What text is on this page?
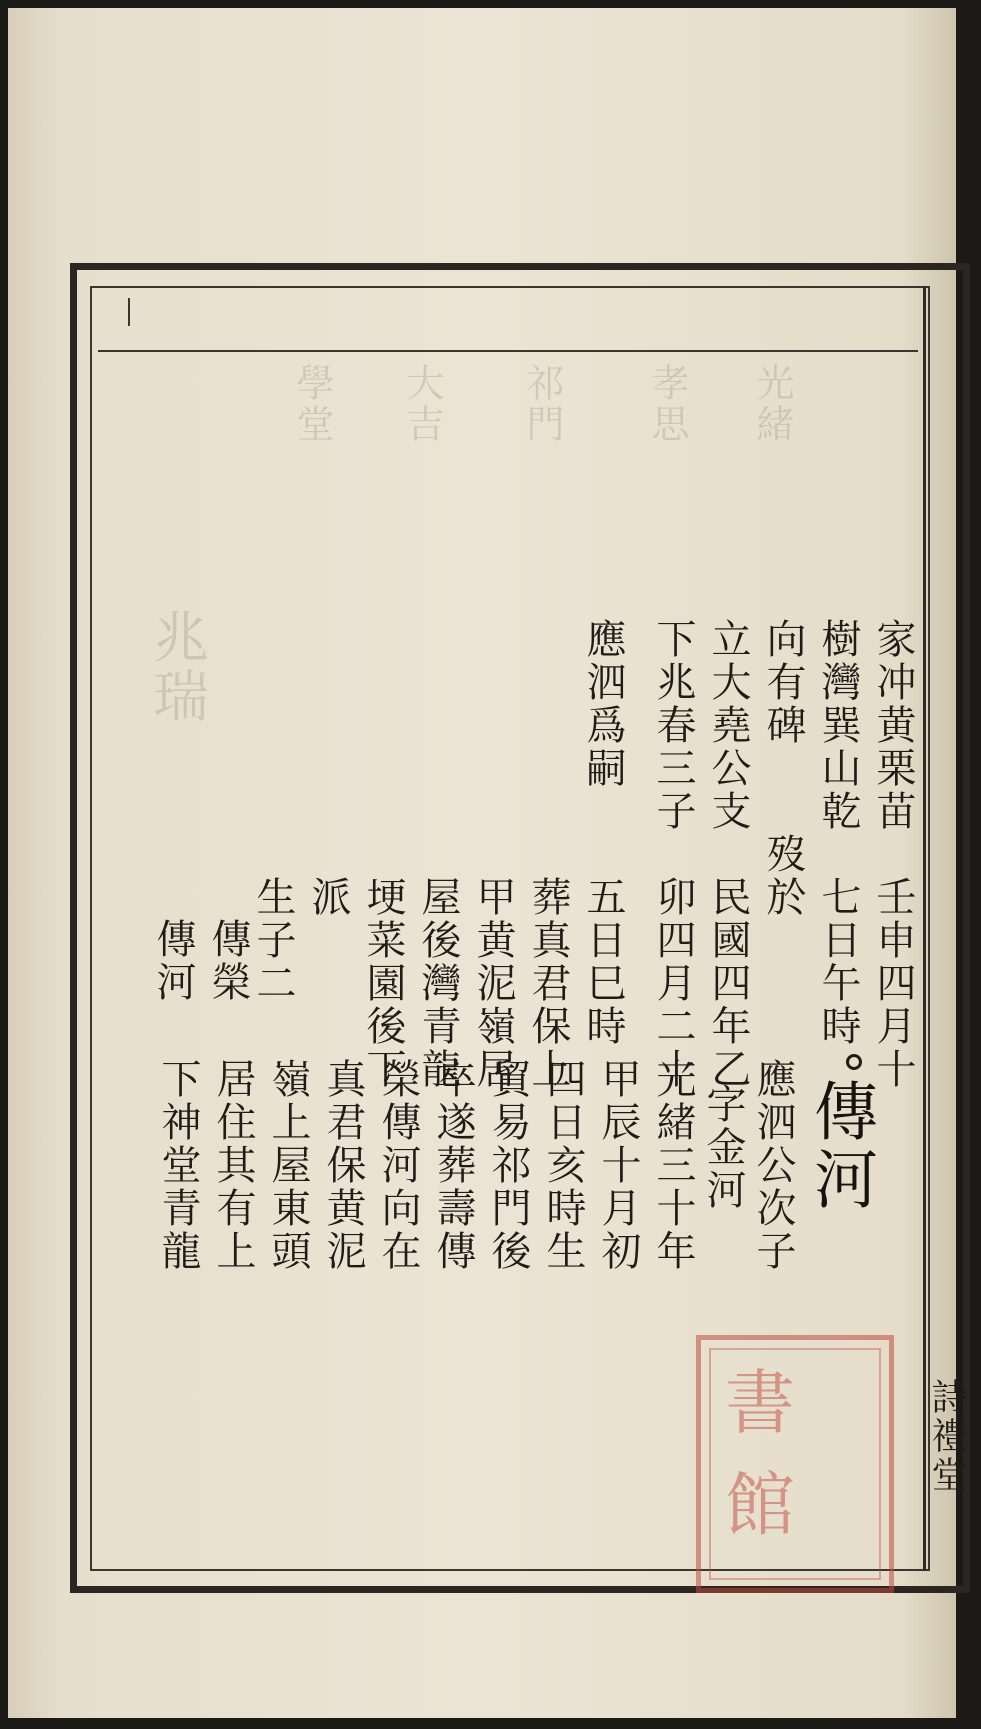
光緒
孝思
祁門
大吉
學堂
兆瑞
傳河
家冲黄栗苗　壬申四月十
樹灣巽山乾　七日午時
向有碑　　歿於
立大堯公支　民國四年乙
下兆春三子　卯四月二十
應泗爲嗣　　五日巳時
　　　　　　葬真君保上
　　　　　　甲黄泥嶺居
　　　　　　屋後灣青龍
　　　　　　埂菜園後下
　　　　　　派
　　　　　　生子二
應泗公次子
字金河
光緒三十年
甲辰十月初
四日亥時生
貿易祁門後
卒遂葬壽傳
榮傳河向在
真君保黄泥
嶺上屋東頭
居住其有上
下神堂青龍
傳榮
傳河
詩禮堂
書
館
